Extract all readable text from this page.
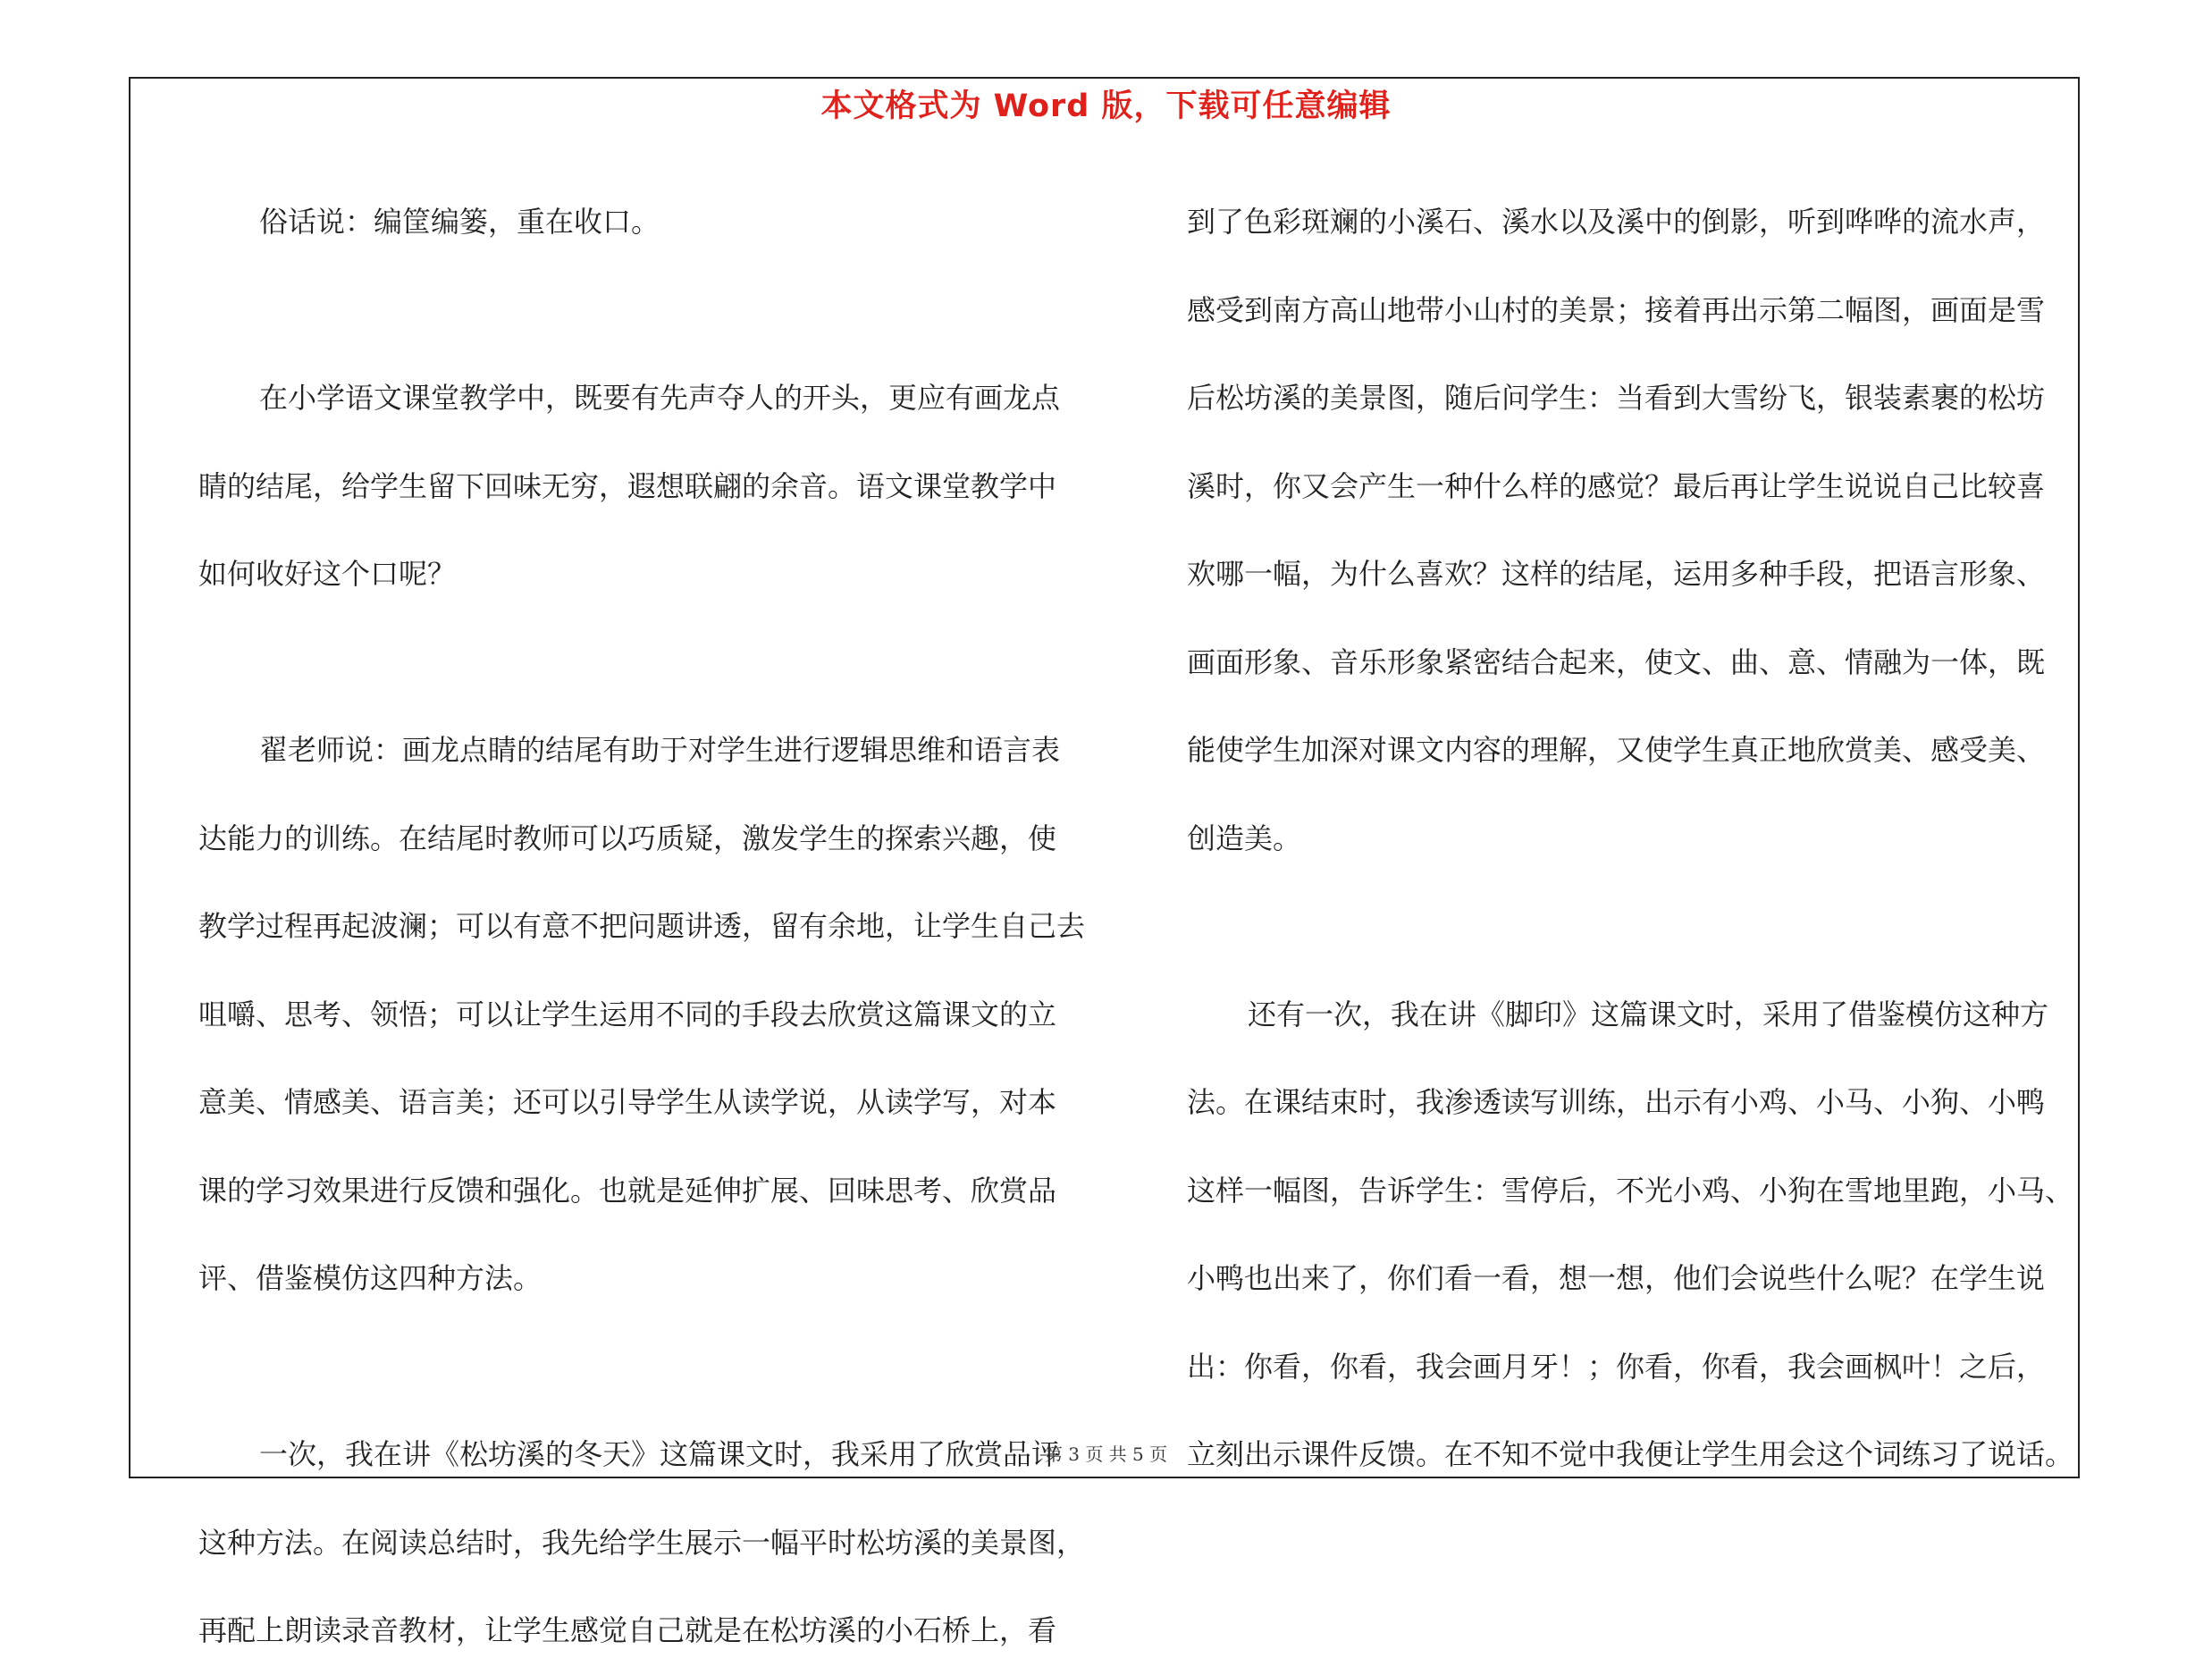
本文格式为 Word 版，下载可任意编辑
俗话说：编筐编篓，重在收口。
在小学语文课堂教学中，既要有先声夺人的开头，更应有画龙点
睛的结尾，给学生留下回味无穷，遐想联翩的余音。语文课堂教学中
如何收好这个口呢？
翟老师说：画龙点睛的结尾有助于对学生进行逻辑思维和语言表
达能力的训练。在结尾时教师可以巧质疑，激发学生的探索兴趣，使
教学过程再起波澜；可以有意不把问题讲透，留有余地，让学生自己去
咀嚼、思考、领悟；可以让学生运用不同的手段去欣赏这篇课文的立
意美、情感美、语言美；还可以引导学生从读学说，从读学写，对本
课的学习效果进行反馈和强化。也就是延伸扩展、回味思考、欣赏品
评、借鉴模仿这四种方法。
一次，我在讲《松坊溪的冬天》这篇课文时，我采用了欣赏品评
这种方法。在阅读总结时，我先给学生展示一幅平时松坊溪的美景图，
再配上朗读录音教材，让学生感觉自己就是在松坊溪的小石桥上，看
到了色彩斑斓的小溪石、溪水以及溪中的倒影，听到哗哗的流水声，
感受到南方高山地带小山村的美景；接着再出示第二幅图，画面是雪
后松坊溪的美景图，随后问学生：当看到大雪纷飞，银装素裹的松坊
溪时，你又会产生一种什么样的感觉？最后再让学生说说自己比较喜
欢哪一幅，为什么喜欢？这样的结尾，运用多种手段，把语言形象、
画面形象、音乐形象紧密结合起来，使文、曲、意、情融为一体，既
能使学生加深对课文内容的理解，又使学生真正地欣赏美、感受美、
创造美。
还有一次，我在讲《脚印》这篇课文时，采用了借鉴模仿这种方
法。在课结束时，我渗透读写训练，出示有小鸡、小马、小狗、小鸭
这样一幅图，告诉学生：雪停后，不光小鸡、小狗在雪地里跑，小马、
小鸭也出来了，你们看一看，想一想，他们会说些什么呢？在学生说
出：你看，你看，我会画月牙！；你看，你看，我会画枫叶！之后，
立刻出示课件反馈。在不知不觉中我便让学生用会这个词练习了说话。
第 3 页 共 5 页
